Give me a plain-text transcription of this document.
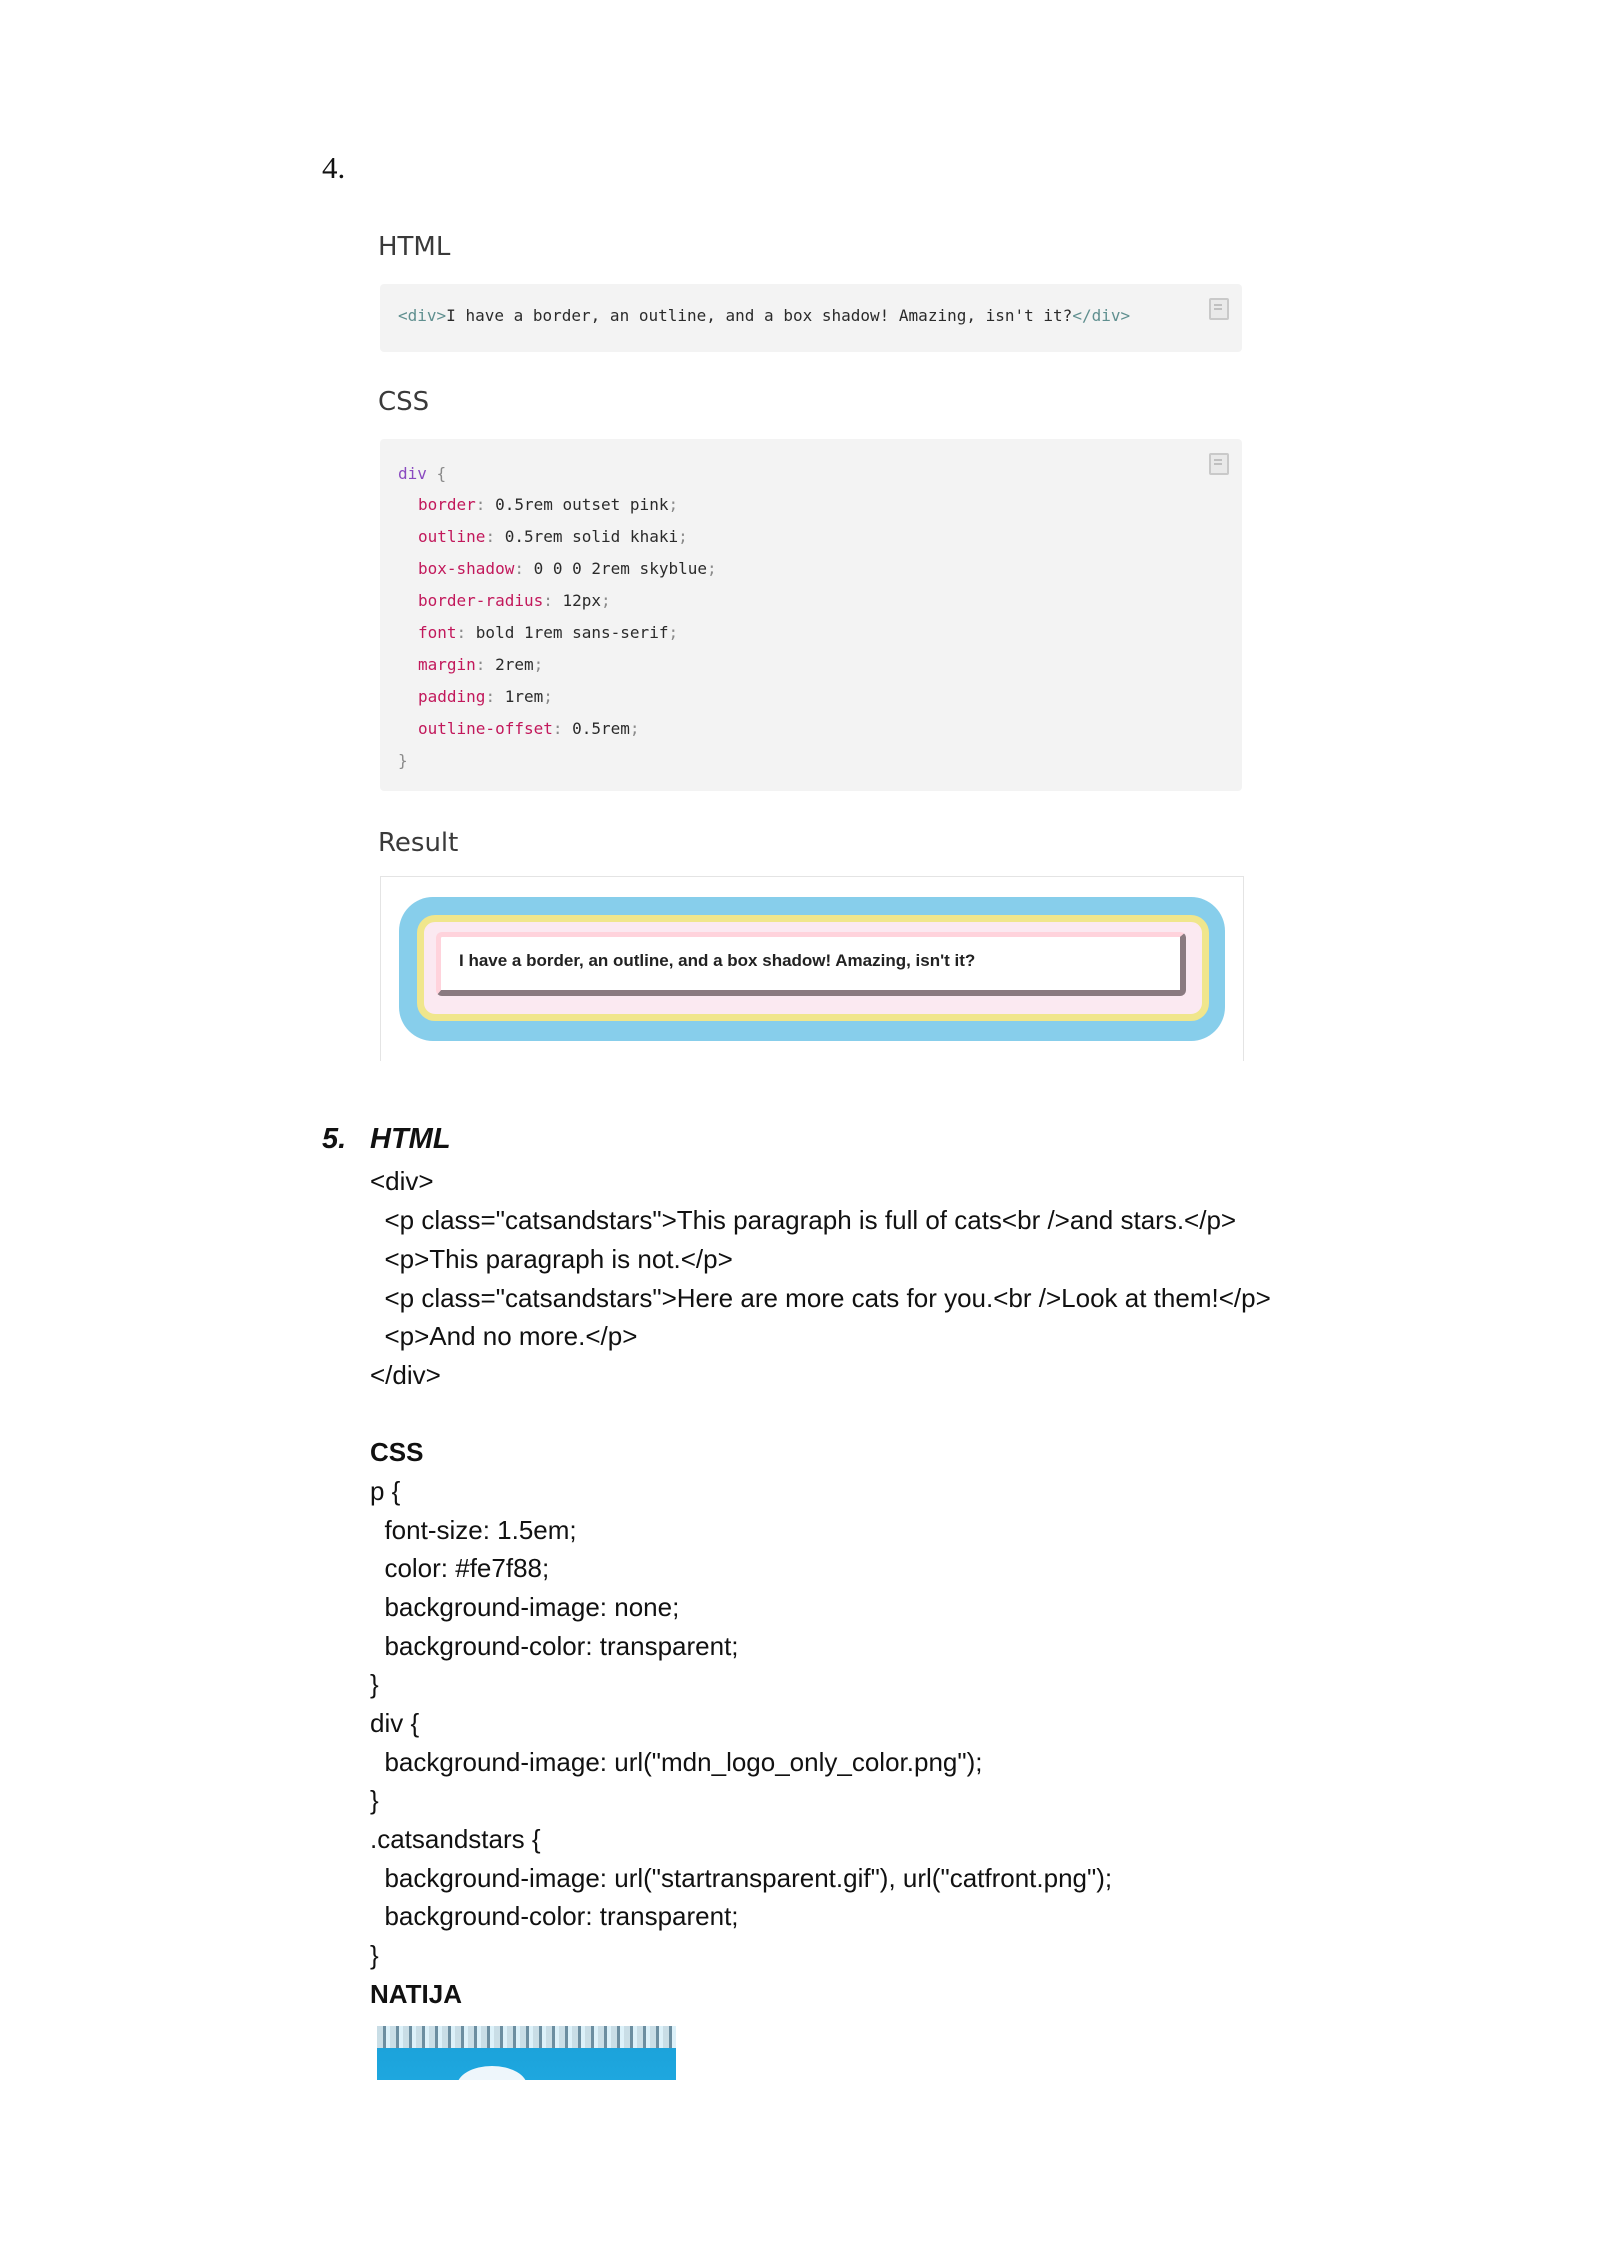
4.
HTML
<div>I have a border, an outline, and a box shadow! Amazing, isn't it?</div>
CSS
div {
border: 0.5rem outset pink;
outline: 0.5rem solid khaki;
box-shadow: 0 0 0 2rem skyblue;
border-radius: 12px;
font: bold 1rem sans-serif;
margin: 2rem;
padding: 1rem;
outline-offset: 0.5rem;
}
Result
I have a border, an outline, and a box shadow! Amazing, isn't it?
5. HTML
<div>
<p class="catsandstars">This paragraph is full of cats<br />and stars.</p>
<p>This paragraph is not.</p>
<p class="catsandstars">Here are more cats for you.<br />Look at them!</p>
<p>And no more.</p>
</div>
CSS
p {
font-size: 1.5em;
color: #fe7f88;
background-image: none;
background-color: transparent;
}
div {
background-image: url("mdn_logo_only_color.png");
}
.catsandstars {
background-image: url("startransparent.gif"), url("catfront.png");
background-color: transparent;
}
NATIJA
